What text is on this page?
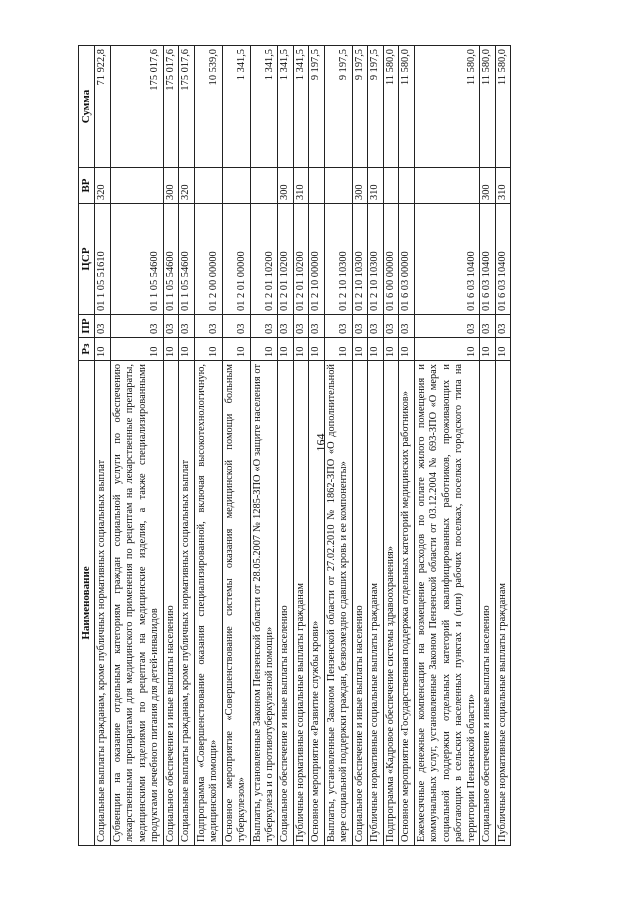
164
Наименование	Рз	ПР	ЦСР	ВР	Сумма
Социальные выплаты гражданам, кроме публичных нормативных социальных выплат	10	03	01 1 05 51610	320	71 922,8
Субвенции на оказание отдельным категориям граждан социальной услуги по обеспечению лекарственными препаратами для медицинского применения по рецептам на лекарственные препараты, медицинскими изделиями по рецептам на медицинские изделия, а также специализированными продуктами лечебного питания для детей-инвалидов	10	03	01 1 05 54600		175 017,6
Социальное обеспечение и иные выплаты населению	10	03	01 1 05 54600	300	175 017,6
Социальные выплаты гражданам, кроме публичных нормативных социальных выплат	10	03	01 1 05 54600	320	175 017,6
Подпрограмма «Совершенствование оказания специализированной, включая высокотехнологичную, медицинской помощи»	10	03	01 2 00 00000		10 539,0
Основное мероприятие «Совершенствование системы оказания медицинской помощи больным туберкулезом»	10	03	01 2 01 00000		1 341,5
Выплаты, установленные Законом Пензенской области от 28.05.2007 № 1285-ЗПО «О защите населения от туберкулеза и о противотуберкулезной помощи»	10	03	01 2 01 10200		1 341,5
Социальное обеспечение и иные выплаты населению	10	03	01 2 01 10200	300	1 341,5
Публичные нормативные социальные выплаты гражданам	10	03	01 2 01 10200	310	1 341,5
Основное мероприятие «Развитие службы крови»	10	03	01 2 10 00000		9 197,5
Выплаты, установленные Законом Пензенской области от 27.02.2010 № 1862-ЗПО «О дополнительной мере социальной поддержки граждан, безвозмездно сдавших кровь и ее компоненты»	10	03	01 2 10 10300		9 197,5
Социальное обеспечение и иные выплаты населению	10	03	01 2 10 10300	300	9 197,5
Публичные нормативные социальные выплаты гражданам	10	03	01 2 10 10300	310	9 197,5
Подпрограмма «Кадровое обеспечение системы здравоохранения»	10	03	01 6 00 00000		11 580,0
Основное мероприятие «Государственная поддержка отдельных категорий медицинских работников»	10	03	01 6 03 00000		11 580,0
Ежемесячные денежные компенсации на возмещение расходов по оплате жилого помещения и коммунальных услуг, установленные Законом Пензенской области от 03.12.2004 № 693-ЗПО «О мерах социальной поддержки отдельных категорий квалифицированных работников, проживающих и работающих в сельских населенных пунктах и (или) рабочих поселках, поселках городского типа на территории Пензенской области»	10	03	01 6 03 10400		11 580,0
Социальное обеспечение и иные выплаты населению	10	03	01 6 03 10400	300	11 580,0
Публичные нормативные социальные выплаты гражданам	10	03	01 6 03 10400	310	11 580,0
